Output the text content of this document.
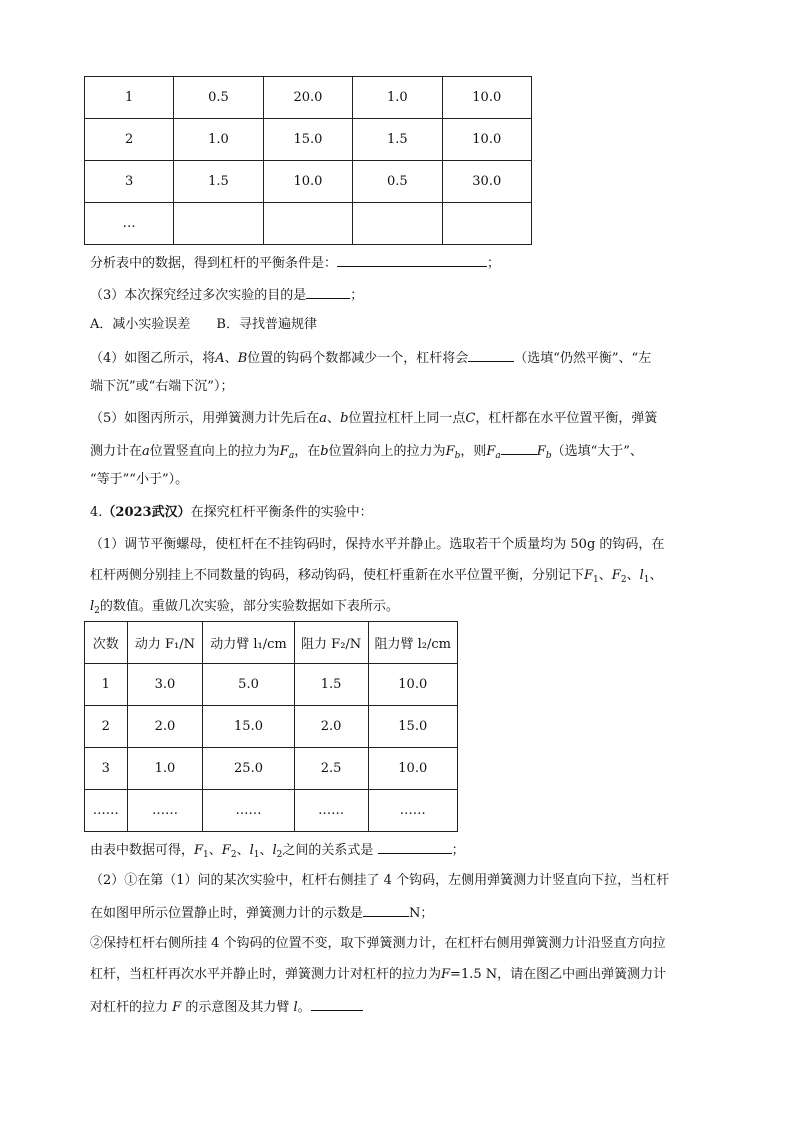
1	0.5	20.0	1.0	10.0
2	1.0	15.0	1.5	10.0
3	1.5	10.0	0.5	30.0
…				
分析表中的数据，得到杠杆的平衡条件是：	；
（3）本次探究经过多次实验的目的是	；
A．减小实验误差　　B．寻找普遍规律
（4）如图乙所示，将A、B位置的钩码个数都减少一个，杠杆将会	（选填“仍然平衡”、“左
端下沉”或“右端下沉”）；
（5）如图丙所示，用弹簧测力计先后在a、b位置拉杠杆上同一点C，杠杆都在水平位置平衡，弹簧
测力计在a位置竖直向上的拉力为$F_a$，在b位置斜向上的拉力为$F_b$，则$F_a$	$F_b$（选填“大于”、
“等于”“小于”）。
4.（2023武汉）在探究杠杆平衡条件的实验中：
（1）调节平衡螺母，使杠杆在不挂钩码时，保持水平并静止。选取若干个质量均为 50g 的钩码，在
杠杆两侧分别挂上不同数量的钩码，移动钩码，使杠杆重新在水平位置平衡，分别记下$F_1$、$F_2$、$l_1$、
$l_2$的数值。重做几次实验，部分实验数据如下表所示。
次数	动力 F₁/N	动力臂 l₁/cm	阻力 F₂/N	阻力臂 l₂/cm
1	3.0	5.0	1.5	10.0
2	2.0	15.0	2.0	15.0
3	1.0	25.0	2.5	10.0
……	……	……	……	……
由表中数据可得，$F_1$、$F_2$、$l_1$、$l_2$之间的关系式是	；
（2）①在第（1）问的某次实验中，杠杆右侧挂了 4 个钩码，左侧用弹簧测力计竖直向下拉，当杠杆
在如图甲所示位置静止时，弹簧测力计的示数是	N；
②保持杠杆右侧所挂 4 个钩码的位置不变，取下弹簧测力计，在杠杆右侧用弹簧测力计沿竖直方向拉
杠杆，当杠杆再次水平并静止时，弹簧测力计对杠杆的拉力为F=1.5 N，请在图乙中画出弹簧测力计
对杠杆的拉力 F 的示意图及其力臂 l。
